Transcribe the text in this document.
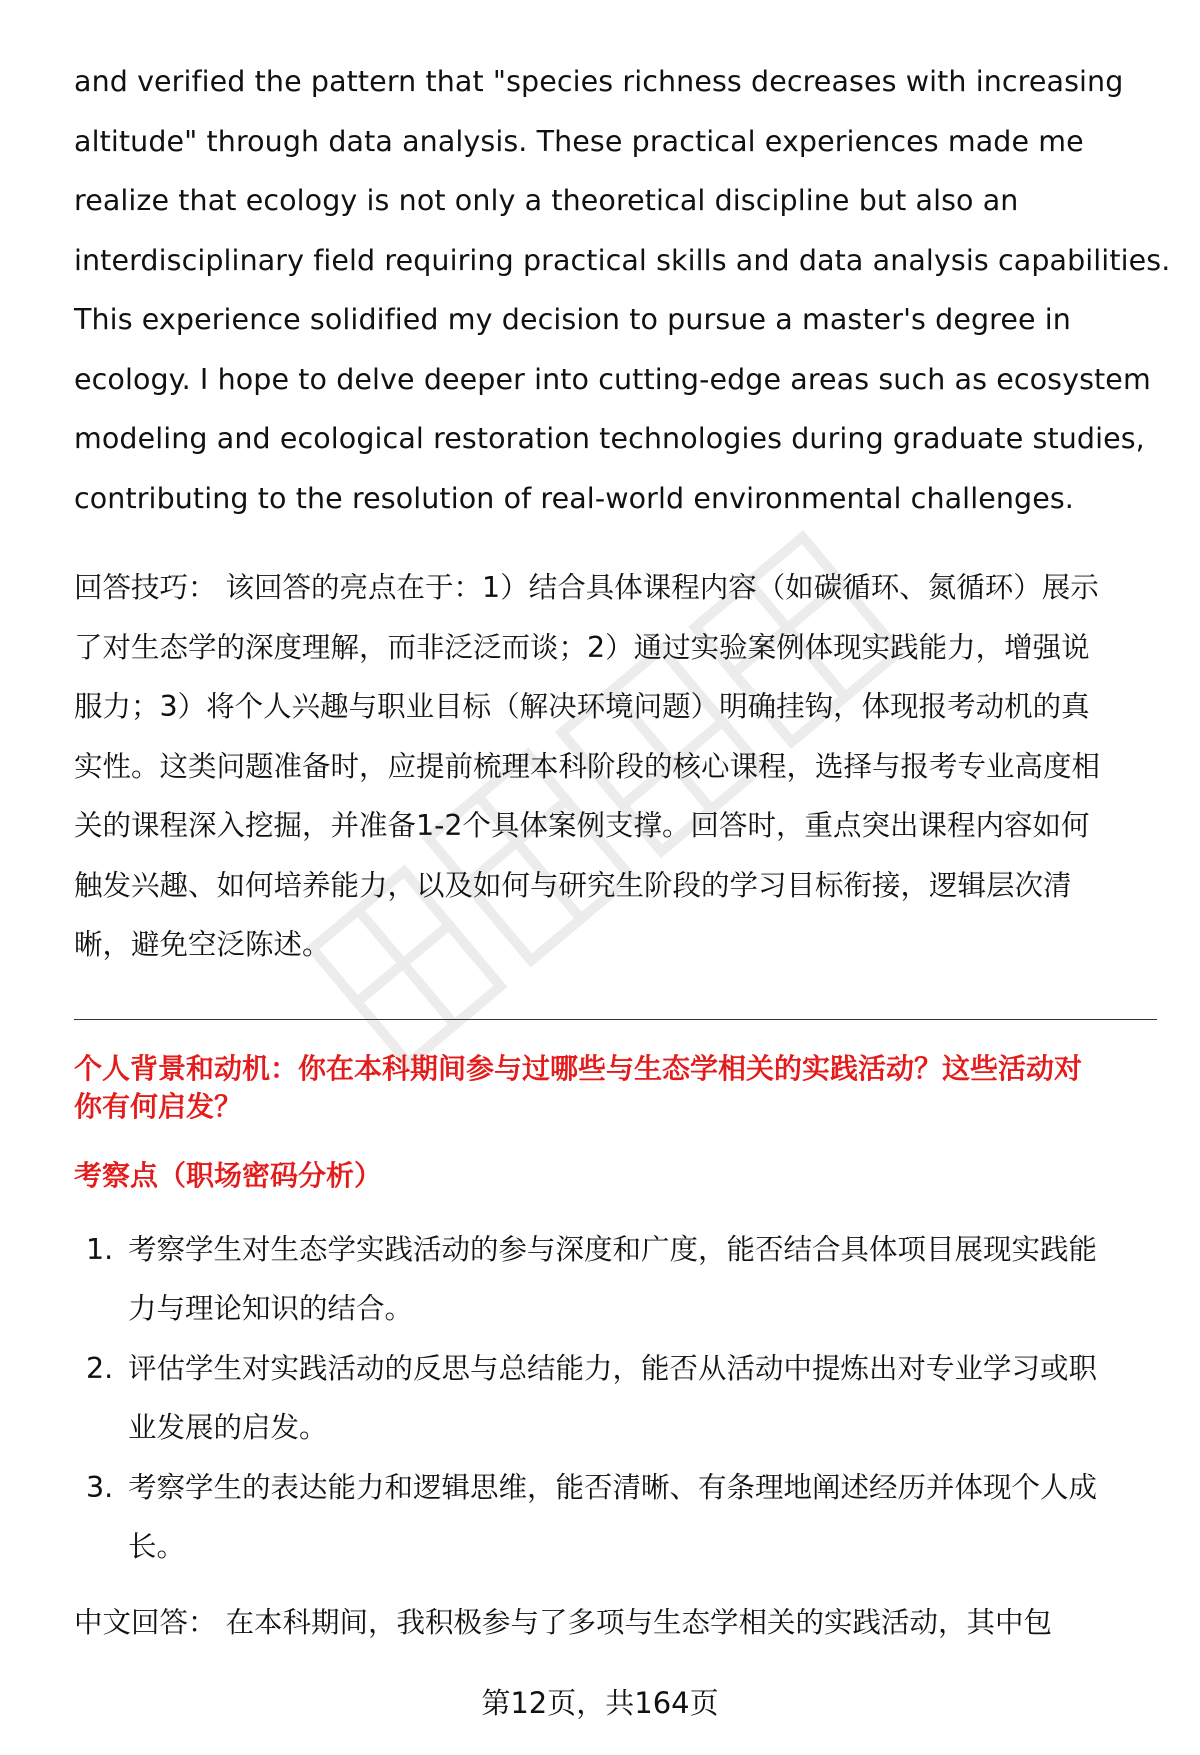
and verified the pattern that "species richness decreases with increasing
altitude" through data analysis. These practical experiences made me
realize that ecology is not only a theoretical discipline but also an
interdisciplinary field requiring practical skills and data analysis capabilities.
This experience solidified my decision to pursue a master's degree in
ecology. I hope to delve deeper into cutting-edge areas such as ecosystem
modeling and ecological restoration technologies during graduate studies,
contributing to the resolution of real-world environmental challenges.

回答技巧： 该回答的亮点在于：1）结合具体课程内容（如碳循环、氮循环）展示
了对生态学的深度理解，而非泛泛而谈；2）通过实验案例体现实践能力，增强说
服力；3）将个人兴趣与职业目标（解决环境问题）明确挂钩，体现报考动机的真
实性。这类问题准备时，应提前梳理本科阶段的核心课程，选择与报考专业高度相
关的课程深入挖掘，并准备1-2个具体案例支撑。回答时，重点突出课程内容如何
触发兴趣、如何培养能力，以及如何与研究生阶段的学习目标衔接，逻辑层次清
晰，避免空泛陈述。

个人背景和动机：你在本科期间参与过哪些与生态学相关的实践活动？这些活动对
你有何启发？
考察点（职场密码分析）
1. 考察学生对生态学实践活动的参与深度和广度，能否结合具体项目展现实践能
力与理论知识的结合。
2. 评估学生对实践活动的反思与总结能力，能否从活动中提炼出对专业学习或职
业发展的启发。
3. 考察学生的表达能力和逻辑思维，能否清晰、有条理地阐述经历并体现个人成
长。

中文回答： 在本科期间，我积极参与了多项与生态学相关的实践活动，其中包

第12页，共164页
